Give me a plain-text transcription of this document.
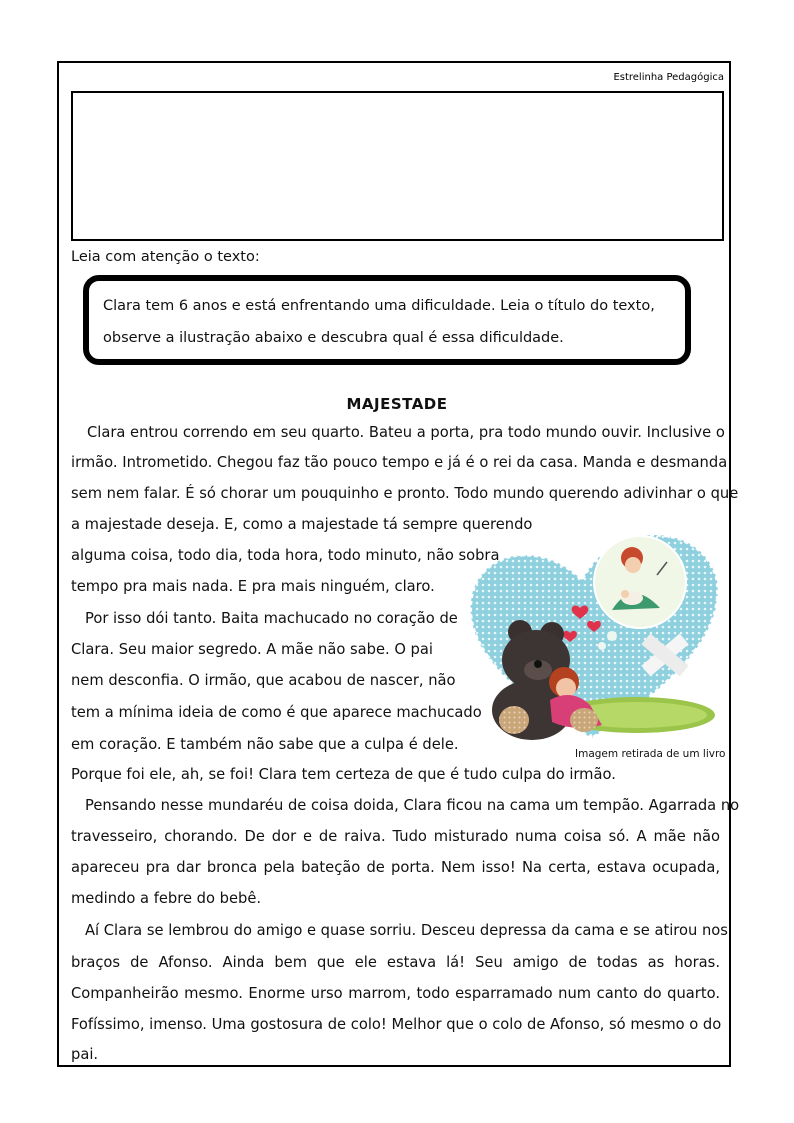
Estrelinha Pedagógica
Leia com atenção o texto:
Clara tem 6 anos e está enfrentando uma dificuldade. Leia o título do texto,
observe a ilustração abaixo e descubra qual é essa dificuldade.
MAJESTADE
Clara entrou correndo em seu quarto. Bateu a porta, pra todo mundo ouvir. Inclusive o
irmão. Intrometido. Chegou faz tão pouco tempo e já é o rei da casa. Manda e desmanda
sem nem falar. É só chorar um pouquinho e pronto. Todo mundo querendo adivinhar o que
a majestade deseja. E, como a majestade tá sempre querendo
alguma coisa, todo dia, toda hora, todo minuto, não sobra
tempo pra mais nada. E pra mais ninguém, claro.
Por isso dói tanto. Baita machucado no coração de
Clara. Seu maior segredo. A mãe não sabe. O pai
nem desconfia. O irmão, que acabou de nascer, não
tem a mínima ideia de como é que aparece machucado
em coração. E também não sabe que a culpa é dele.
Porque foi ele, ah, se foi! Clara tem certeza de que é tudo culpa do irmão.
Pensando nesse mundaréu de coisa doida, Clara ficou na cama um tempão. Agarrada no
travesseiro, chorando. De dor e de raiva. Tudo misturado numa coisa só. A mãe não
apareceu pra dar bronca pela bateção de porta. Nem isso! Na certa, estava ocupada,
medindo a febre do bebê.
Aí Clara se lembrou do amigo e quase sorriu. Desceu depressa da cama e se atirou nos
braços de Afonso. Ainda bem que ele estava lá! Seu amigo de todas as horas.
Companheirão mesmo. Enorme urso marrom, todo esparramado num canto do quarto.
Fofíssimo, imenso. Uma gostosura de colo! Melhor que o colo de Afonso, só mesmo o do
pai.
Imagem retirada de um livro
